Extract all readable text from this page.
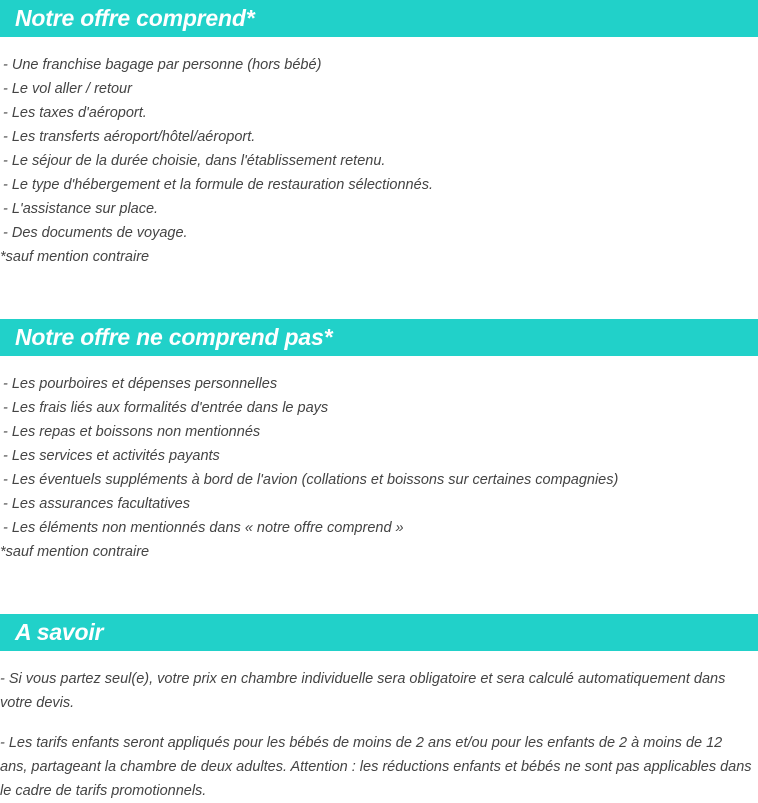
Notre offre comprend*
- Une franchise bagage par personne (hors bébé)
- Le vol aller / retour
- Les taxes d'aéroport.
- Les transferts aéroport/hôtel/aéroport.
- Le séjour de la durée choisie, dans l'établissement retenu.
- Le type d'hébergement et la formule de restauration sélectionnés.
- L'assistance sur place.
- Des documents de voyage.
*sauf mention contraire
Notre offre ne comprend pas*
- Les pourboires et dépenses personnelles
- Les frais liés aux formalités d'entrée dans le pays
- Les repas et boissons non mentionnés
- Les services et activités payants
- Les éventuels suppléments à bord de l'avion (collations et boissons sur certaines compagnies)
- Les assurances facultatives
- Les éléments non mentionnés dans « notre offre comprend »
*sauf mention contraire
A savoir

- Si vous partez seul(e), votre prix en chambre individuelle sera obligatoire et sera calculé automatiquement dans votre devis.

- Les tarifs enfants seront appliqués pour les bébés de moins de 2 ans et/ou pour les enfants de 2 à moins de 12 ans, partageant la chambre de deux adultes. Attention : les réductions enfants et bébés ne sont pas applicables dans le cadre de tarifs promotionnels.
